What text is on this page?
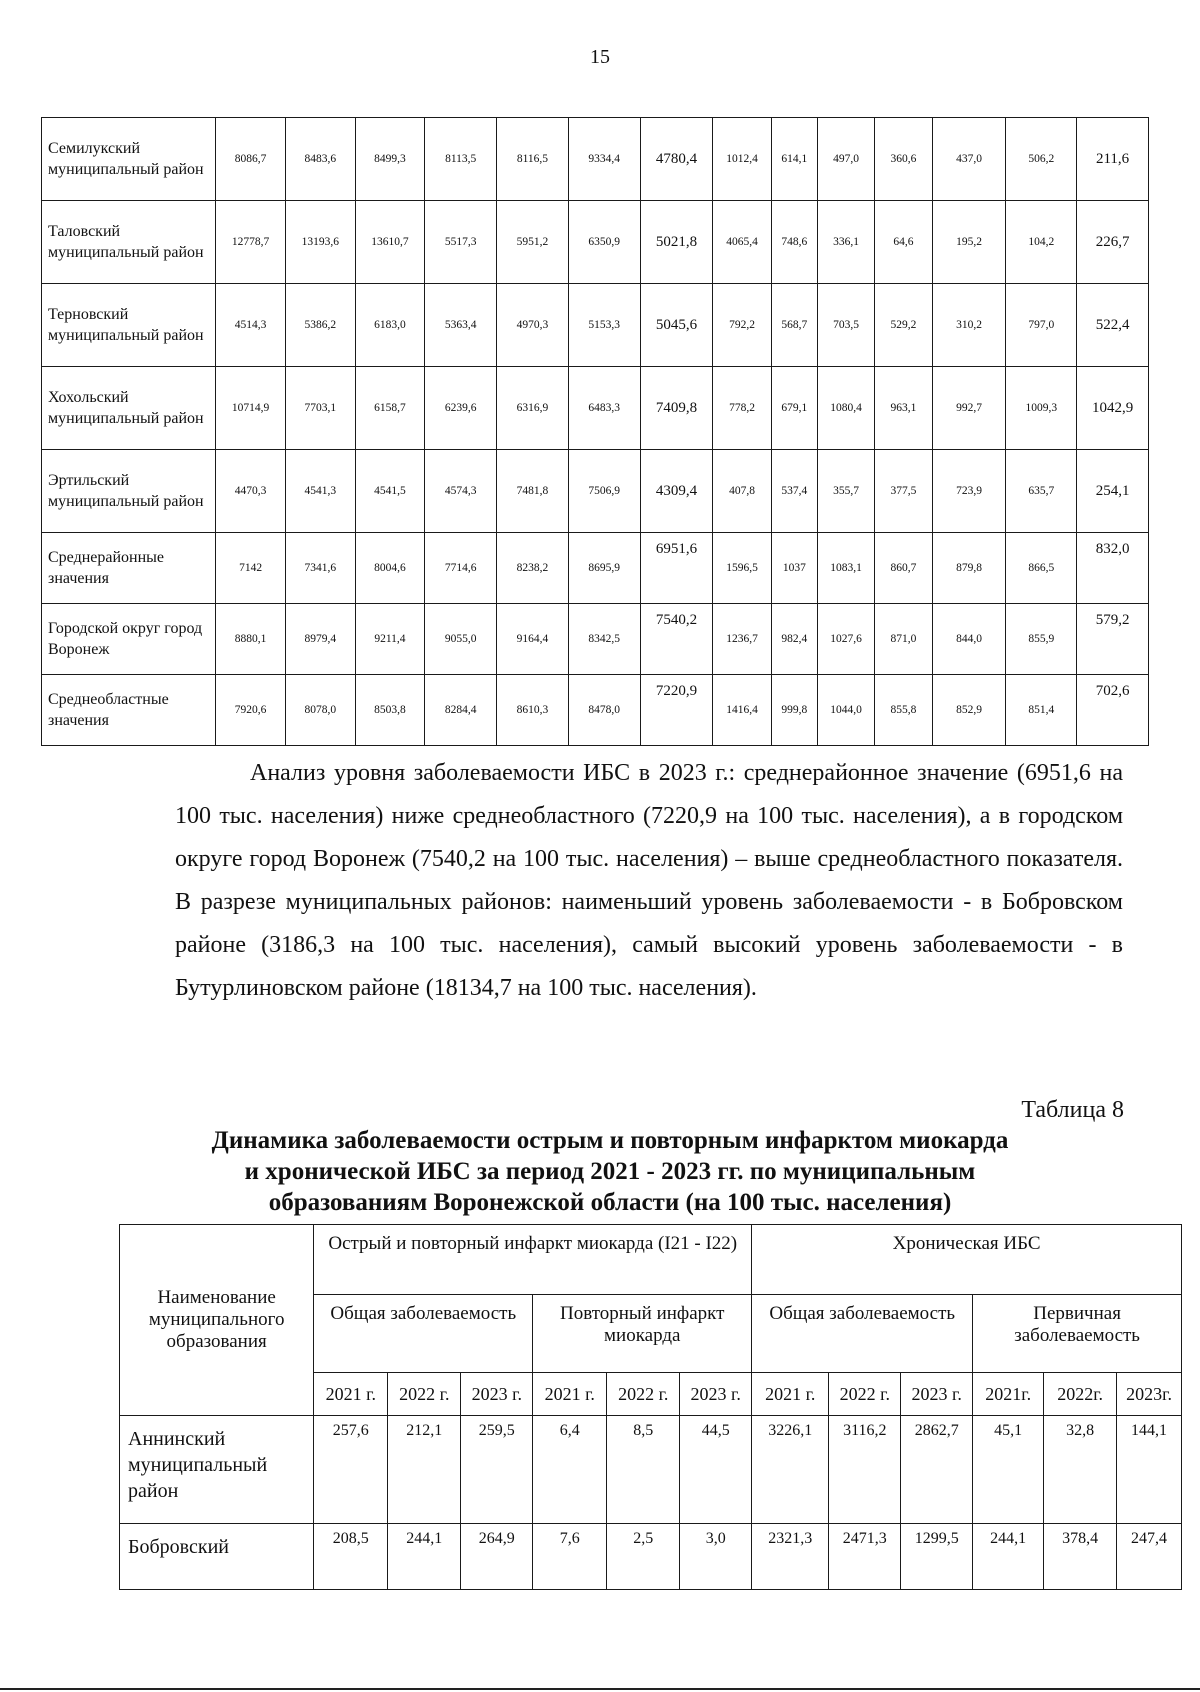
15
Семилукский муниципальный район	8086,7	8483,6	8499,3	8113,5	8116,5	9334,4	4780,4	1012,4	614,1	497,0	360,6	437,0	506,2	211,6
Таловский муниципальный район	12778,7	13193,6	13610,7	5517,3	5951,2	6350,9	5021,8	4065,4	748,6	336,1	64,6	195,2	104,2	226,7
Терновский муниципальный район	4514,3	5386,2	6183,0	5363,4	4970,3	5153,3	5045,6	792,2	568,7	703,5	529,2	310,2	797,0	522,4
Хохольский муниципальный район	10714,9	7703,1	6158,7	6239,6	6316,9	6483,3	7409,8	778,2	679,1	1080,4	963,1	992,7	1009,3	1042,9
Эртильский муниципальный район	4470,3	4541,3	4541,5	4574,3	7481,8	7506,9	4309,4	407,8	537,4	355,7	377,5	723,9	635,7	254,1
Среднерайонные значения	7142	7341,6	8004,6	7714,6	8238,2	8695,9	6951,6	1596,5	1037	1083,1	860,7	879,8	866,5	832,0
Городской округ город Воронеж	8880,1	8979,4	9211,4	9055,0	9164,4	8342,5	7540,2	1236,7	982,4	1027,6	871,0	844,0	855,9	579,2
Среднеобластные значения	7920,6	8078,0	8503,8	8284,4	8610,3	8478,0	7220,9	1416,4	999,8	1044,0	855,8	852,9	851,4	702,6

Анализ уровня заболеваемости ИБС в 2023 г.: среднерайонное значение (6951,6 на 100 тыс. населения) ниже среднеобластного (7220,9 на 100 тыс. населения), а в городском округе город Воронеж (7540,2 на 100 тыс. населения) – выше среднеобластного показателя. В разрезе муниципальных районов: наименьший уровень заболеваемости - в Бобровском районе (3186,3 на 100 тыс. населения), самый высокий уровень заболеваемости - в Бутурлиновском районе (18134,7 на 100 тыс. населения).

Таблица 8
Динамика заболеваемости острым и повторным инфарктом миокарда
и хронической ИБС за период 2021 - 2023 гг. по муниципальным
образованиям Воронежской области (на 100 тыс. населения)
Наименование муниципального образования	Острый и повторный инфаркт миокарда (I21 - I22)						Хроническая ИБС					
	Общая заболеваемость			Повторный инфаркт миокарда			Общая заболеваемость			Первичная заболеваемость		
	2021 г.	2022 г.	2023 г.	2021 г.	2022 г.	2023 г.	2021 г.	2022 г.	2023 г.	2021г.	2022г.	2023г.
Аннинский муниципальный район	257,6	212,1	259,5	6,4	8,5	44,5	3226,1	3116,2	2862,7	45,1	32,8	144,1
Бобровский	208,5	244,1	264,9	7,6	2,5	3,0	2321,3	2471,3	1299,5	244,1	378,4	247,4
